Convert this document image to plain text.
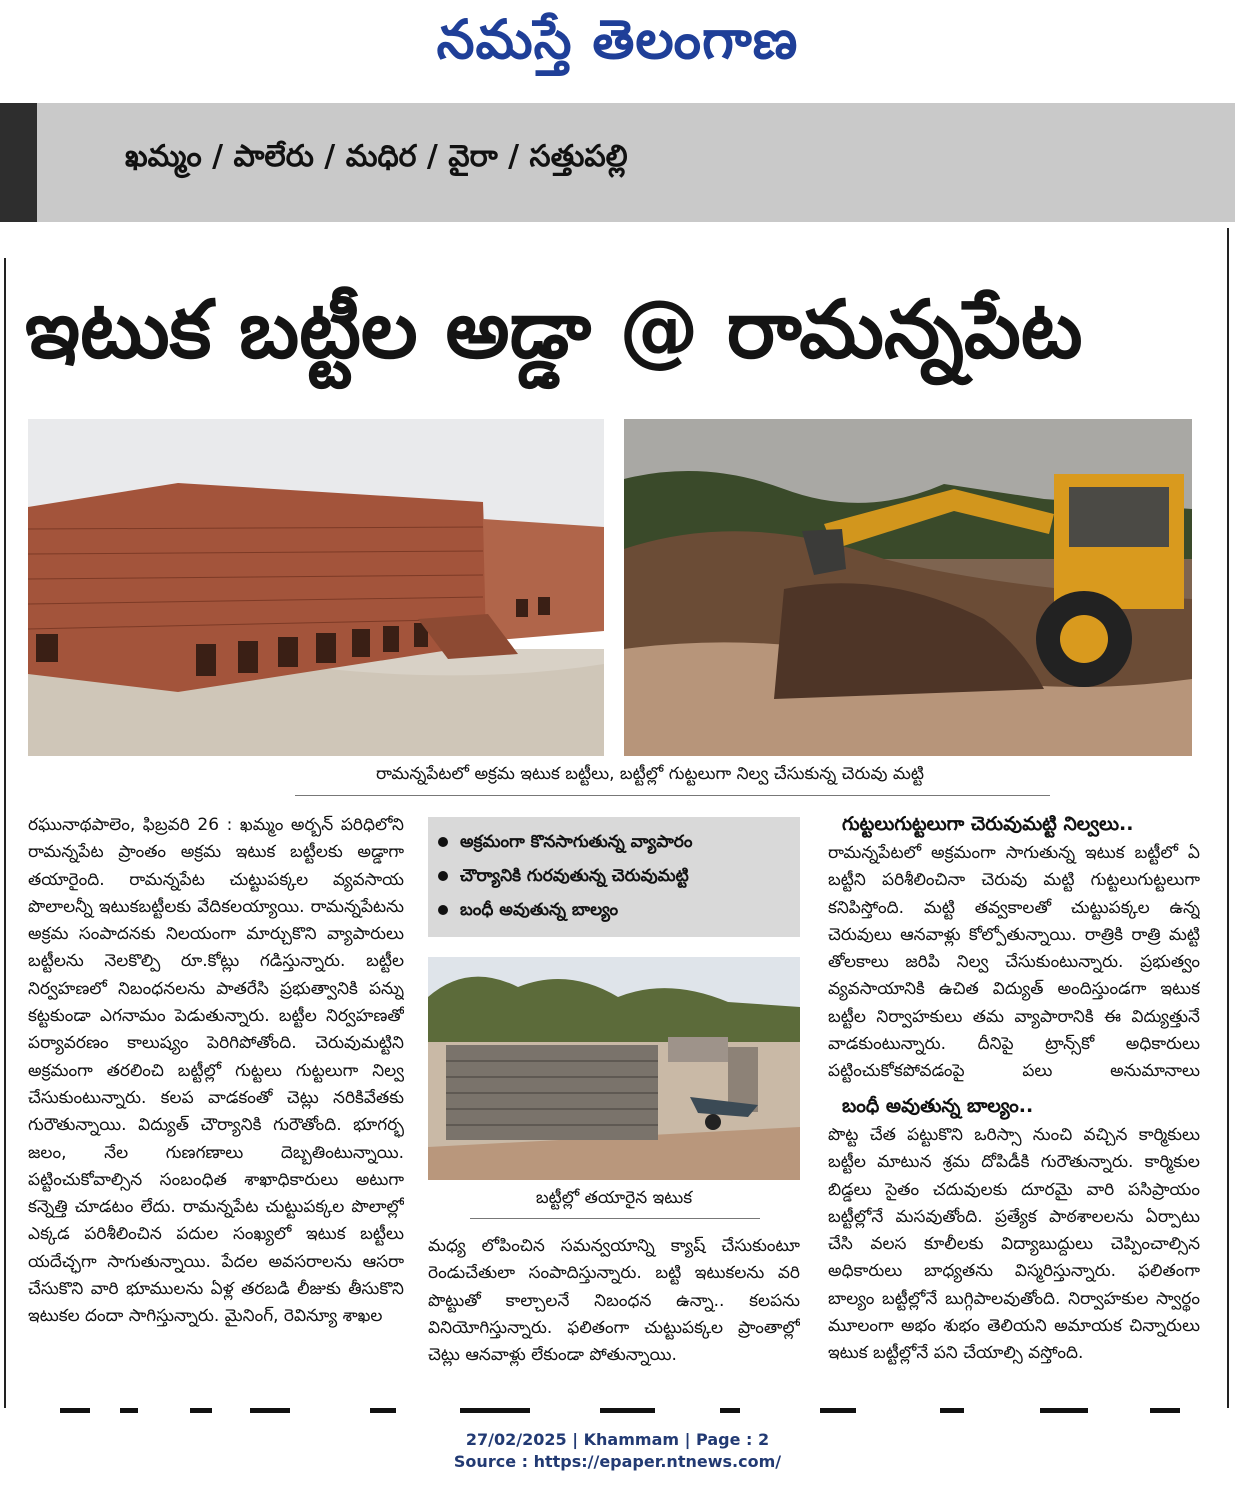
నమస్తే తెలంగాణ
ఖమ్మం / పాలేరు / మధిర / వైరా / సత్తుపల్లి
ఇటుక బట్టీల అడ్డా @ రామన్నపేట
రామన్నపేటలో అక్రమ ఇటుక బట్టీలు, బట్టీల్లో గుట్టలుగా నిల్వ చేసుకున్న చెరువు మట్టి
రఘునాథపాలెం, ఫిబ్రవరి 26 : ఖమ్మం అర్బన్ పరిధిలోని రామన్నపేట ప్రాంతం అక్రమ ఇటుక బట్టీలకు అడ్డాగా తయారైంది. రామన్నపేట చుట్టుపక్కల వ్యవసాయ పొలాలన్నీ ఇటుకబట్టీలకు వేదికలయ్యాయి. రామన్నపేటను అక్రమ సంపాదనకు నిలయంగా మార్చుకొని వ్యాపారులు బట్టీలను నెలకొల్పి రూ.కోట్లు గడిస్తున్నారు. బట్టీల నిర్వహణలో నిబంధనలను పాతరేసి ప్రభుత్వానికి పన్ను కట్టకుండా ఎగనామం పెడుతున్నారు. బట్టీల నిర్వహణతో పర్యావరణం కాలుష్యం పెరిగిపోతోంది. చెరువుమట్టిని అక్రమంగా తరలించి బట్టీల్లో గుట్టలు గుట్టలుగా నిల్వ చేసుకుంటున్నారు. కలప వాడకంతో చెట్లు నరికివేతకు గురౌతున్నాయి. విద్యుత్ చౌర్యానికి గురౌతోంది. భూగర్భ జలం, నేల గుణగణాలు దెబ్బతింటున్నాయి. పట్టించుకోవాల్సిన సంబంధిత శాఖాధికారులు అటుగా కన్నెత్తి చూడటం లేదు. రామన్నపేట చుట్టుపక్కల పొలాల్లో ఎక్కడ పరిశీలించిన పదుల సంఖ్యలో ఇటుక బట్టీలు యదేచ్ఛగా సాగుతున్నాయి. పేదల అవసరాలను ఆసరా చేసుకొని వారి భూములను ఏళ్ల తరబడి లీజుకు తీసుకొని ఇటుకల దందా సాగిస్తున్నారు. మైనింగ్, రెవిన్యూ శాఖల
అక్రమంగా కొనసాగుతున్న వ్యాపారం
చౌర్యానికి గురవుతున్న చెరువుమట్టి
బంధీ అవుతున్న బాల్యం
బట్టీల్లో తయారైన ఇటుక
మధ్య లోపించిన సమన్వయాన్ని క్యాష్ చేసుకుంటూ రెండుచేతులా సంపాదిస్తున్నారు. బట్టి ఇటుకలను వరి పొట్టుతో కాల్చాలనే నిబంధన ఉన్నా.. కలపను వినియోగిస్తున్నారు. ఫలితంగా చుట్టుపక్కల ప్రాంతాల్లో చెట్లు ఆనవాళ్లు లేకుండా పోతున్నాయి.
గుట్టలుగుట్టలుగా చెరువుమట్టి నిల్వలు..
రామన్నపేటలో అక్రమంగా సాగుతున్న ఇటుక బట్టీలో ఏ బట్టీని పరిశీలించినా చెరువు మట్టి గుట్టలుగుట్టలుగా కనిపిస్తోంది. మట్టి తవ్వకాలతో చుట్టుపక్కల ఉన్న చెరువులు ఆనవాళ్లు కోల్పోతున్నాయి. రాత్రికి రాత్రి మట్టి తోలకాలు జరిపి నిల్వ చేసుకుంటున్నారు. ప్రభుత్వం వ్యవసాయానికి ఉచిత విద్యుత్ అందిస్తుండగా ఇటుక బట్టీల నిర్వాహకులు తమ వ్యాపారానికి ఈ విద్యుత్తునే వాడకుంటున్నారు. దీనిపై ట్రాన్స్‌కో అధికారులు పట్టించుకోకపోవడంపై పలు అనుమానాలు
బంధీ అవుతున్న బాల్యం..
పొట్ట చేత పట్టుకొని ఒరిస్సా నుంచి వచ్చిన కార్మికులు బట్టీల మాటున శ్రమ దోపిడీకి గురౌతున్నారు. కార్మికుల బిడ్డలు సైతం చదువులకు దూరమై వారి పసిప్రాయం బట్టీల్లోనే మసవుతోంది. ప్రత్యేక పాఠశాలలను ఏర్పాటు చేసి వలస కూలీలకు విద్యాబుద్దులు చెప్పించాల్సిన అధికారులు బాధ్యతను విస్మరిస్తున్నారు. ఫలితంగా బాల్యం బట్టీల్లోనే బుగ్గిపాలవుతోంది. నిర్వాహకుల స్వార్థం మూలంగా అభం శుభం తెలియని అమాయక చిన్నారులు ఇటుక బట్టీల్లోనే పని చేయాల్సి వస్తోంది.
27/02/2025 | Khammam | Page : 2
Source : https://epaper.ntnews.com/
